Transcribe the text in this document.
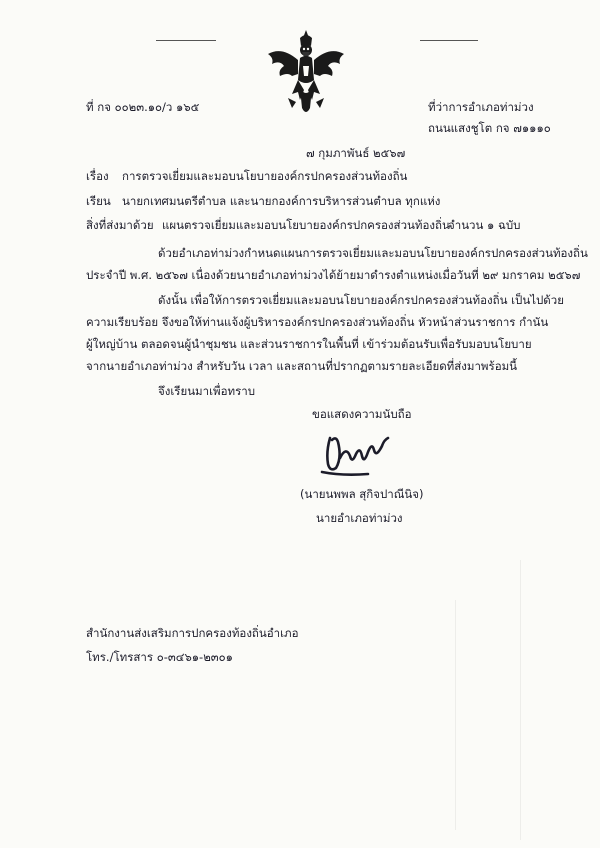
ที่ กจ ๐๐๒๓.๑๐/ว ๑๖๕	ที่ว่าการอำเภอท่าม่วง
ถนนแสงชูโต กจ ๗๑๑๑๐
๗ กุมภาพันธ์ ๒๕๖๗
เรื่อง การตรวจเยี่ยมและมอบนโยบายองค์กรปกครองส่วนท้องถิ่น
เรียน นายกเทศมนตรีตำบล และนายกองค์การบริหารส่วนตำบล ทุกแห่ง
สิ่งที่ส่งมาด้วย แผนตรวจเยี่ยมและมอบนโยบายองค์กรปกครองส่วนท้องถิ่น
จำนวน ๑ ฉบับ
ด้วยอำเภอท่าม่วงกำหนดแผนการตรวจเยี่ยมและมอบนโยบายองค์กรปกครองส่วนท้องถิ่น
ประจำปี พ.ศ. ๒๕๖๗ เนื่องด้วยนายอำเภอท่าม่วงได้ย้ายมาดำรงตำแหน่งเมื่อวันที่ ๒๙ มกราคม ๒๕๖๗
ดังนั้น เพื่อให้การตรวจเยี่ยมและมอบนโยบายองค์กรปกครองส่วนท้องถิ่น เป็นไปด้วย
ความเรียบร้อย จึงขอให้ท่านแจ้งผู้บริหารองค์กรปกครองส่วนท้องถิ่น หัวหน้าส่วนราชการ กำนัน
ผู้ใหญ่บ้าน ตลอดจนผู้นำชุมชน และส่วนราชการในพื้นที่ เข้าร่วมต้อนรับเพื่อรับมอบนโยบาย
จากนายอำเภอท่าม่วง สำหรับวัน เวลา และสถานที่ปรากฏตามรายละเอียดที่ส่งมาพร้อมนี้
จึงเรียนมาเพื่อทราบ
ขอแสดงความนับถือ
(นายนพพล สุกิจปาณีนิจ)
นายอำเภอท่าม่วง
สำนักงานส่งเสริมการปกครองท้องถิ่นอำเภอ
โทร./โทรสาร ๐-๓๔๖๑-๒๓๐๑
